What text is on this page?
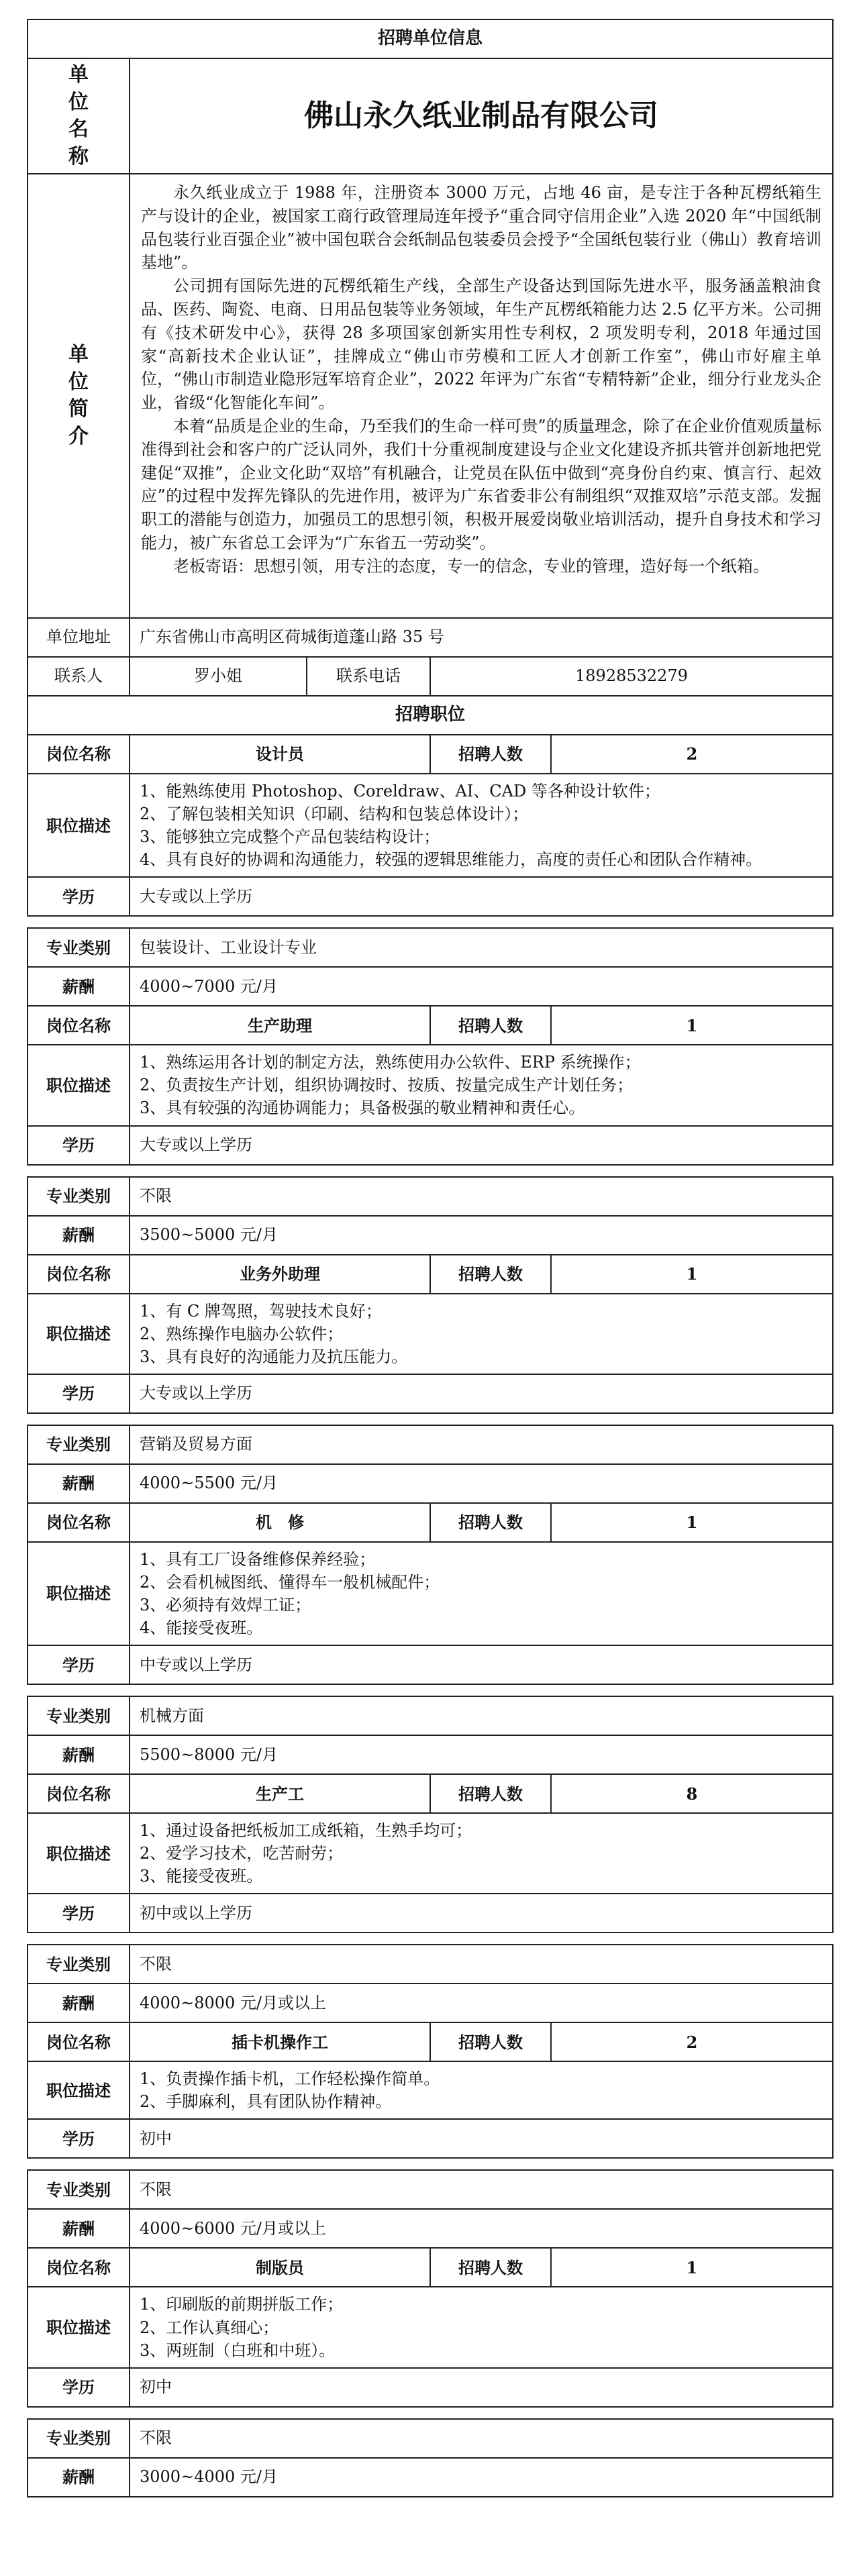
招聘单位信息				

单位名称	佛山永久纸业制品有限公司			

单位简介	永久纸业成立于 1988 年，注册资本 3000 万元，占地 46 亩，是专注于各种瓦楞纸箱生产与设计的企业，被国家工商行政管理局连年授予“重合同守信用企业”入选 2020 年“中国纸制品包装行业百强企业”被中国包联合会纸制品包装委员会授予“全国纸包装行业（佛山）教育培训基地”。

公司拥有国际先进的瓦楞纸箱生产线，全部生产设备达到国际先进水平，服务涵盖粮油食品、医药、陶瓷、电商、日用品包装等业务领域，年生产瓦楞纸箱能力达 2.5 亿平方米。公司拥有《技术研发中心》，获得 28 多项国家创新实用性专利权，2 项发明专利，2018 年通过国家“高新技术企业认证”，挂牌成立“佛山市劳模和工匠人才创新工作室”，佛山市好雇主单位，“佛山市制造业隐形冠军培育企业”，2022 年评为广东省“专精特新”企业，细分行业龙头企业，省级“化智能化车间”。

本着“品质是企业的生命，乃至我们的生命一样可贵”的质量理念，除了在企业价值观质量标准得到社会和客户的广泛认同外，我们十分重视制度建设与企业文化建设齐抓共管并创新地把党建促“双推”，企业文化助“双培”有机融合，让党员在队伍中做到“亮身份自约束、慎言行、起效应”的过程中发挥先锋队的先进作用，被评为广东省委非公有制组织“双推双培”示范支部。发掘职工的潜能与创造力，加强员工的思想引领，积极开展爱岗敬业培训活动，提升自身技术和学习能力，被广东省总工会评为“广东省五一劳动奖”。

老板寄语：思想引领，用专注的态度，专一的信念，专业的管理，造好每一个纸箱。			

单位地址	广东省佛山市高明区荷城街道蓬山路 35 号			
联系人	罗小姐	联系电话	18928532279	
招聘职位				
岗位名称	设计员		招聘人数	2
职位描述	1、能熟练使用 Photoshop、Coreldraw、AI、CAD 等各种设计软件；
2、了解包装相关知识（印刷、结构和包装总体设计）；
3、能够独立完成整个产品包装结构设计；
4、具有良好的协调和沟通能力，较强的逻辑思维能力，高度的责任心和团队合作精神。			

学历	大专或以上学历			

专业类别	包装设计、工业设计专业			
薪酬	4000~7000 元/月			
岗位名称	生产助理		招聘人数	1
职位描述	1、熟练运用各计划的制定方法，熟练使用办公软件、ERP 系统操作；
2、负责按生产计划，组织协调按时、按质、按量完成生产计划任务；
3、具有较强的沟通协调能力；具备极强的敬业精神和责任心。			

学历	大专或以上学历			

专业类别	不限			
薪酬	3500~5000 元/月			
岗位名称	业务外助理		招聘人数	1
职位描述	1、有 C 牌驾照，驾驶技术良好；
2、熟练操作电脑办公软件；
3、具有良好的沟通能力及抗压能力。			

学历	大专或以上学历			

专业类别	营销及贸易方面			
薪酬	4000~5500 元/月			
岗位名称	机　修		招聘人数	1
职位描述	1、具有工厂设备维修保养经验；
2、会看机械图纸、懂得车一般机械配件；
3、必须持有效焊工证；
4、能接受夜班。			

学历	中专或以上学历			

专业类别	机械方面			
薪酬	5500~8000 元/月			
岗位名称	生产工		招聘人数	8
职位描述	1、通过设备把纸板加工成纸箱，生熟手均可；
2、爱学习技术，吃苦耐劳；
3、能接受夜班。			

学历	初中或以上学历			

专业类别	不限			
薪酬	4000~8000 元/月或以上			
岗位名称	插卡机操作工		招聘人数	2
职位描述	1、负责操作插卡机，工作轻松操作简单。
2、手脚麻利，具有团队协作精神。			

学历	初中			

专业类别	不限			
薪酬	4000~6000 元/月或以上			
岗位名称	制版员		招聘人数	1
职位描述	1、印刷版的前期拼版工作；
2、工作认真细心；
3、两班制（白班和中班）。			

学历	初中			

专业类别	不限			
薪酬	3000~4000 元/月			
